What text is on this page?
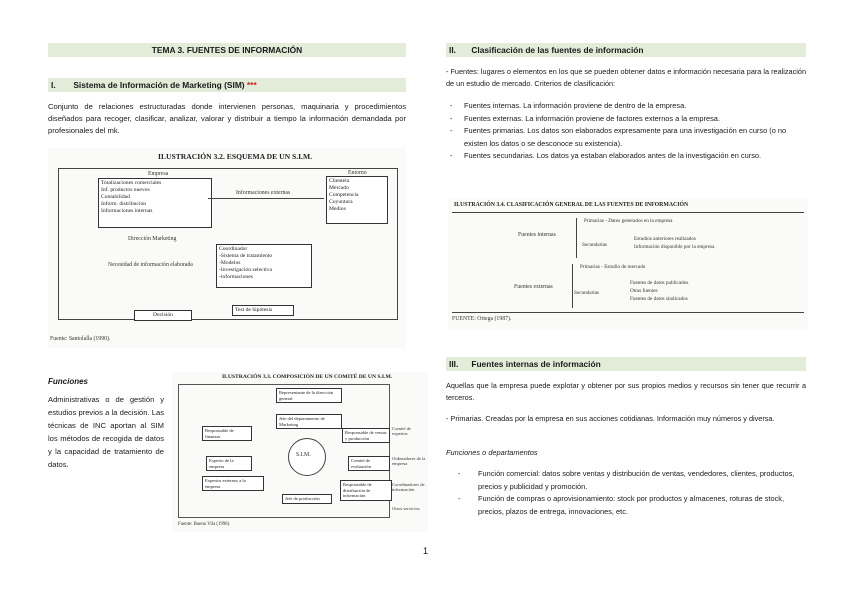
TEMA 3. FUENTES DE INFORMACIÓN
I. Sistema de Información de Marketing (SIM) ***
Conjunto de relaciones estructuradas donde intervienen personas, maquinaria y procedimientos diseñados para recoger, clasificar, analizar, valorar y distribuir a tiempo la información demandada por profesionales del mk.
ILUSTRACIÓN 3.2. ESQUEMA DE UN S.I.M.
Empresa
Totalizaciones comerciales
Inf. productos nuevos
Contabilidad
Inform. distribución
Informaciones internas
Entorno
Clientela
Mercado
Competencia
Coyuntura
Medios
Informaciones externas
Dirección Marketing
Coordinador
-Sistema de tratamiento
-Modelos
-Investigación selectiva
-informaciones
Necesidad de información elaborada
Test de hipótesis
Decisión
Fuente: Santolalla (1990).
Funciones
Administrativas o de gestión y estudios previos a la decisión. Las técnicas de INC aportan al SIM los métodos de recogida de datos y la capacidad de tratamiento de datos.
ILUSTRACIÓN 3.3. COMPOSICIÓN DE UN COMITÉ DE UN S.I.M.
S.I.M.
Representante de la dirección general
Jefe del departamento de Marketing
Responsable de ventas y producción
Comité de evaluación
Responsable de finanzas
Experto de la empresa
Expertos externos a la empresa
Jefe de producción
Responsable de distribución de información
Comité de expertos
Ordenadores de la empresa
Coordinadores de información
Otros servicios
Fuente: Bueno Vila (1990).
1
II. Clasificación de las fuentes de información
- Fuentes: lugares o elementos en los que se pueden obtener datos e información necesaria para la realización de un estudio de mercado. Criterios de clasificación:
- Fuentes internas. La información proviene de dentro de la empresa.
- Fuentes externas. La información proviene de factores externos a la empresa.
- Fuentes primarias. Los datos son elaborados expresamente para una investigación en curso (o no existen los datos o se desconoce su existencia).
- Fuentes secundarias. Los datos ya estaban elaborados antes de la investigación en curso.
ILUSTRACIÓN 3.4. CLASIFICACIÓN GENERAL DE LAS FUENTES DE INFORMACIÓN
Fuentes internas
Primarias - Datos generados en la empresa
Secundarias
Estudios anteriores realizados
Información disponible por la empresa
Fuentes externas
Primarias - Estudio de mercado
Secundarias
Fuentes de datos publicados
Otras fuentes
Fuentes de datos sindicados
FUENTE: Ortega (1987).
III. Fuentes internas de información
Aquellas que la empresa puede explotar y obtener por sus propios medios y recursos sin tener que recurrir a terceros.
- Primarias. Creadas por la empresa en sus acciones cotidianas. Información muy números y diversa.
Funciones o departamentos
- Función comercial: datos sobre ventas y distribución de ventas, vendedores, clientes, productos, precios y publicidad y promoción.
- Función de compras o aprovisionamiento: stock por productos y almacenes, roturas de stock, precios, plazos de entrega, innovaciones, etc.
